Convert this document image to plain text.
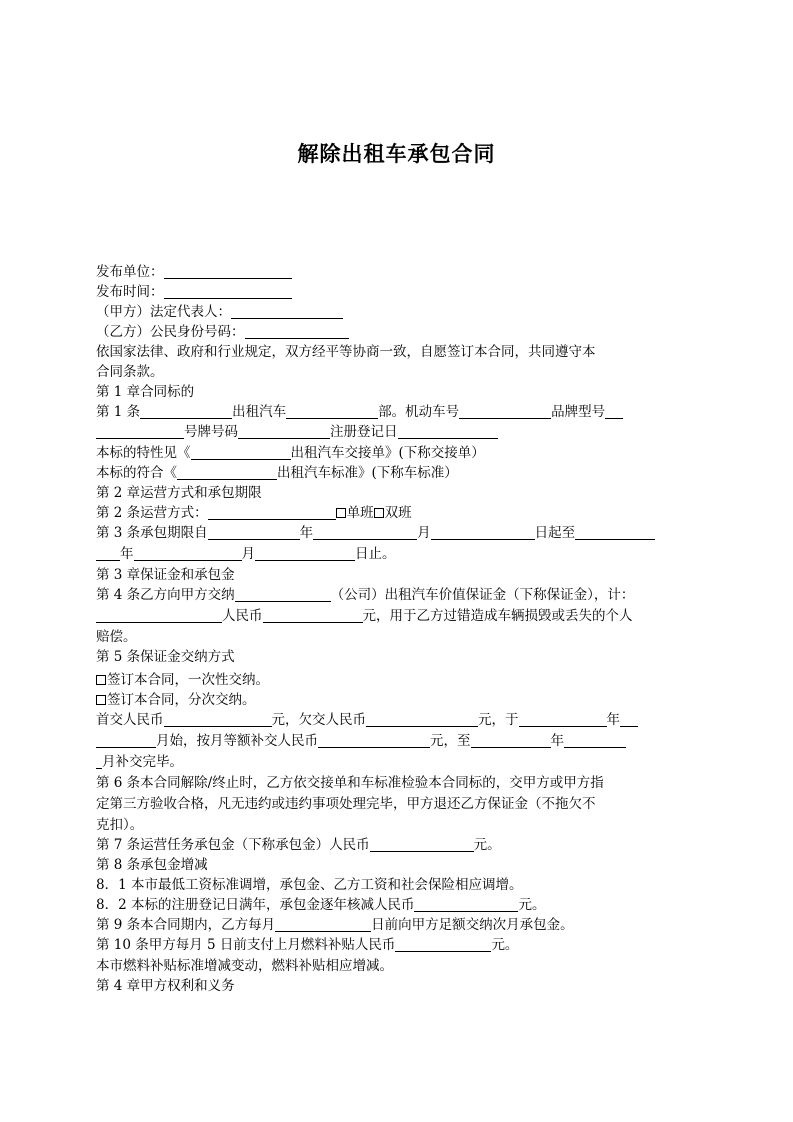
解除出租车承包合同
发布单位：
发布时间：
（甲方）法定代表人：
（乙方）公民身份号码：
依国家法律、政府和行业规定，双方经平等协商一致，自愿签订本合同，共同遵守本
合同条款。
第 1 章合同标的
第 1 条	出租汽车	部。机动车号	品牌型号
号牌号码	注册登记日
本标的特性见《	出租汽车交接单》(下称交接单）
本标的符合《	出租汽车标准》(下称车标准）
第 2 章运营方式和承包期限
第 2 条运营方式：	单班 双班
第 3 条承包期限自	年	月	日起至
年	月	日止。
第 3 章保证金和承包金
第 4 条乙方向甲方交纳	（公司）出租汽车价值保证金（下称保证金），计：
人民币	元，用于乙方过错造成车辆损毁或丢失的个人
赔偿。
第 5 条保证金交纳方式
签订本合同，一次性交纳。
签订本合同，分次交纳。
首交人民币	元，欠交人民币	元，于	年
月始，按月等额补交人民币	元，至	年
月补交完毕。
第 6 条本合同解除/终止时，乙方依交接单和车标准检验本合同标的，交甲方或甲方指
定第三方验收合格，凡无违约或违约事项处理完毕，甲方退还乙方保证金（不拖欠不
克扣）。
第 7 条运营任务承包金（下称承包金）人民币	元。
第 8 条承包金增减
8．1 本市最低工资标准调增，承包金、乙方工资和社会保险相应调增。
8．2 本标的注册登记日满年，承包金逐年核减人民币	元。
第 9 条本合同期内，乙方每月	日前向甲方足额交纳次月承包金。
第 10 条甲方每月 5 日前支付上月燃料补贴人民币	元。
本市燃料补贴标准增减变动，燃料补贴相应增减。
第 4 章甲方权利和义务
